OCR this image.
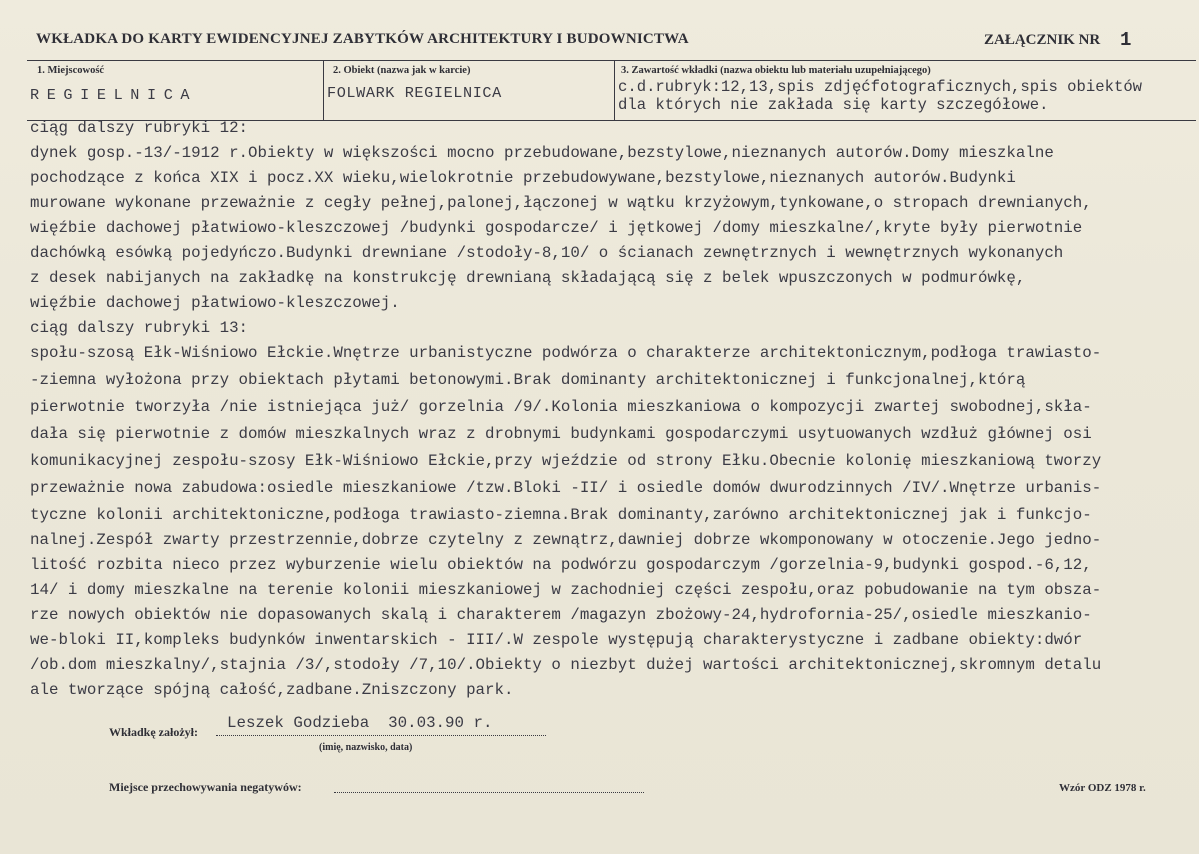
WKŁADKA DO KARTY EWIDENCYJNEJ ZABYTKÓW ARCHITEKTURY I BUDOWNICTWA	ZAŁĄCZNIK NR 1
1. Miejscowość
REGIELNICA
2. Obiekt (nazwa jak w karcie)
FOLWARK REGIELNICA
3. Zawartość wkładki (nazwa obiektu lub materiału uzupełniającego)
c.d.rubryk:12,13,spis zdjęćfotograficznych,spis obiektów
dla których nie zakłada się karty szczegółowe.
ciąg dalszy rubryki 12:
dynek gosp.-13/-1912 r.Obiekty w większości mocno przebudowane,bezstylowe,nieznanych autorów.Domy mieszkalne
pochodzące z końca XIX i pocz.XX wieku,wielokrotnie przebudowywane,bezstylowe,nieznanych autorów.Budynki
murowane wykonane przeważnie z cegły pełnej,palonej,łączonej w wątku krzyżowym,tynkowane,o stropach drewnianych,
więźbie dachowej płatwiowo-kleszczowej /budynki gospodarcze/ i jętkowej /domy mieszkalne/,kryte były pierwotnie
dachówką esówką pojedyńczo.Budynki drewniane /stodoły-8,10/ o ścianach zewnętrznych i wewnętrznych wykonanych
z desek nabijanych na zakładkę na konstrukcję drewnianą składającą się z belek wpuszczonych w podmurówkę,
więźbie dachowej płatwiowo-kleszczowej.
ciąg dalszy rubryki 13:
społu-szosą Ełk-Wiśniowo Ełckie.Wnętrze urbanistyczne podwórza o charakterze architektonicznym,podłoga trawiasto-
-ziemna wyłożona przy obiektach płytami betonowymi.Brak dominanty architektonicznej i funkcjonalnej,którą
pierwotnie tworzyła /nie istniejąca już/ gorzelnia /9/.Kolonia mieszkaniowa o kompozycji zwartej swobodnej,skła-
dała się pierwotnie z domów mieszkalnych wraz z drobnymi budynkami gospodarczymi usytuowanych wzdłuż głównej osi
komunikacyjnej zespołu-szosy Ełk-Wiśniowo Ełckie,przy wjeździe od strony Ełku.Obecnie kolonię mieszkaniową tworzy
przeważnie nowa zabudowa:osiedle mieszkaniowe /tzw.Bloki -II/ i osiedle domów dwurodzinnych /IV/.Wnętrze urbanis-
tyczne kolonii architektoniczne,podłoga trawiasto-ziemna.Brak dominanty,zarówno architektonicznej jak i funkcjo-
nalnej.Zespół zwarty przestrzennie,dobrze czytelny z zewnątrz,dawniej dobrze wkomponowany w otoczenie.Jego jedno-
litość rozbita nieco przez wyburzenie wielu obiektów na podwórzu gospodarczym /gorzelnia-9,budynki gospod.-6,12,
14/ i domy mieszkalne na terenie kolonii mieszkaniowej w zachodniej części zespołu,oraz pobudowanie na tym obsza-
rze nowych obiektów nie dopasowanych skalą i charakterem /magazyn zbożowy-24,hydrofornia-25/,osiedle mieszkanio-
we-bloki II,kompleks budynków inwentarskich - III/.W zespole występują charakterystyczne i zadbane obiekty:dwór
/ob.dom mieszkalny/,stajnia /3/,stodoły /7,10/.Obiekty o niezbyt dużej wartości architektonicznej,skromnym detalu
ale tworzące spójną całość,zadbane.Zniszczony park.
Wkładkę założył: Leszek Godzieba  30.03.90 r.
(imię, nazwisko, data)
Miejsce przechowywania negatywów:	Wzór ODZ 1978 r.
